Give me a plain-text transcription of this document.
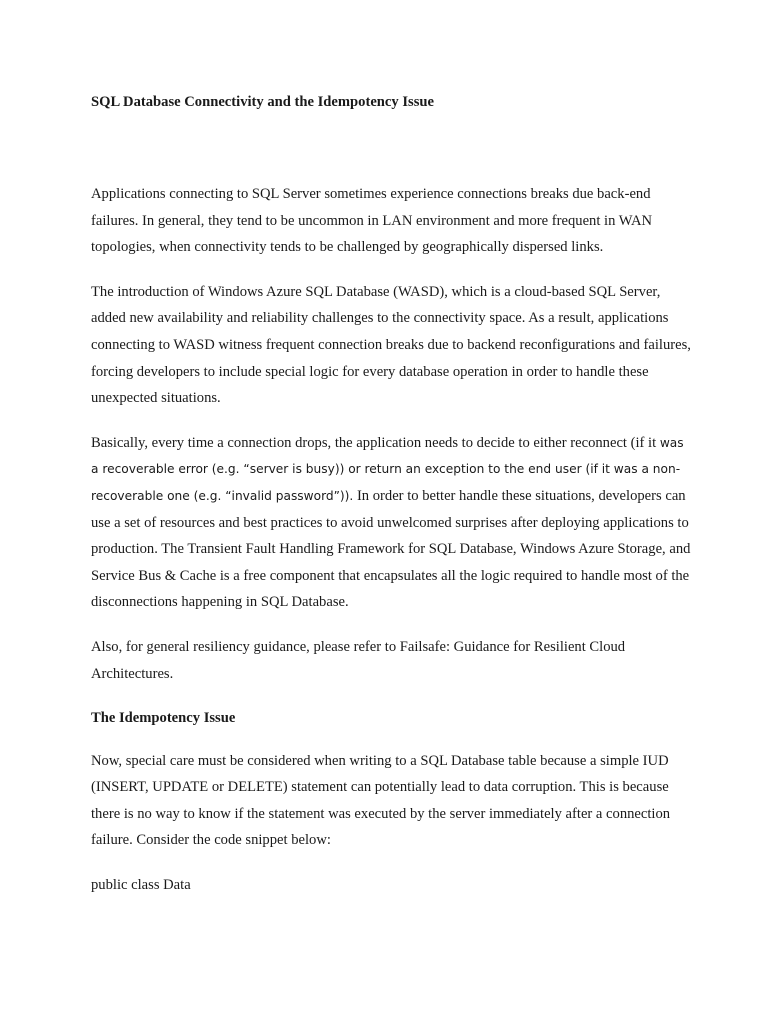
SQL Database Connectivity and the Idempotency Issue

Applications connecting to SQL Server sometimes experience connections breaks due back-end failures. In general, they tend to be uncommon in LAN environment and more frequent in WAN topologies, when connectivity tends to be challenged by geographically dispersed links.

The introduction of Windows Azure SQL Database (WASD), which is a cloud-based SQL Server, added new availability and reliability challenges to the connectivity space. As a result, applications connecting to WASD witness frequent connection breaks due to backend reconfigurations and failures, forcing developers to include special logic for every database operation in order to handle these unexpected situations.

Basically, every time a connection drops, the application needs to decide to either reconnect (if it was a recoverable error (e.g. “server is busy)) or return an exception to the end user (if it was a non-recoverable one (e.g. “invalid password”)). In order to better handle these situations, developers can use a set of resources and best practices to avoid unwelcomed surprises after deploying applications to production. The Transient Fault Handling Framework for SQL Database, Windows Azure Storage, and Service Bus & Cache is a free component that encapsulates all the logic required to handle most of the disconnections happening in SQL Database.

Also, for general resiliency guidance, please refer to Failsafe: Guidance for Resilient Cloud Architectures.

The Idempotency Issue

Now, special care must be considered when writing to a SQL Database table because a simple IUD (INSERT, UPDATE or DELETE) statement can potentially lead to data corruption. This is because there is no way to know if the statement was executed by the server immediately after a connection failure. Consider the code snippet below:

public class Data
